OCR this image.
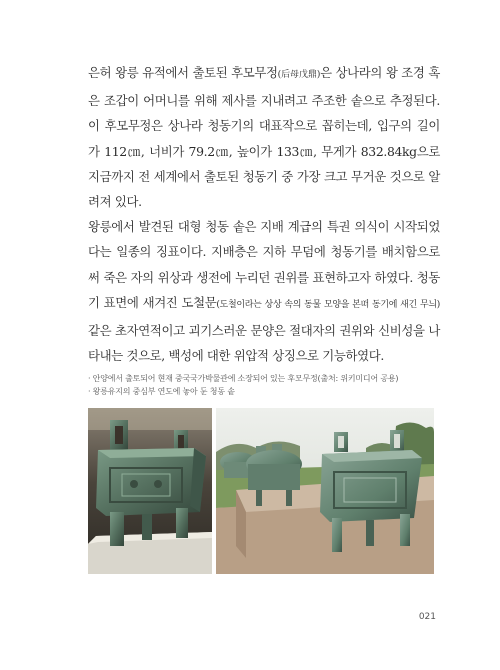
은허 왕릉 유적에서 출토된 후모무정(后母戊鼎)은 상나라의 왕 조경 혹은 조갑이 어머니를 위해 제사를 지내려고 주조한 솥으로 추정된다. 이 후모무정은 상나라 청동기의 대표작으로 꼽히는데, 입구의 길이가 112㎝, 너비가 79.2㎝, 높이가 133㎝, 무게가 832.84kg으로 지금까지 전 세계에서 출토된 청동기 중 가장 크고 무거운 것으로 알려져 있다.

왕릉에서 발견된 대형 청동 솥은 지배 계급의 특권 의식이 시작되었다는 일종의 징표이다. 지배층은 지하 무덤에 청동기를 배치함으로써 죽은 자의 위상과 생전에 누리던 권위를 표현하고자 하였다. 청동기 표면에 새겨진 도철문(도철이라는 상상 속의 동물 모양을 본떠 동기에 새긴 무늬) 같은 초자연적이고 괴기스러운 문양은 절대자의 권위와 신비성을 나타내는 것으로, 백성에 대한 위압적 상징으로 기능하였다.

· 안양에서 출토되어 현재 중국국가박물관에 소장되어 있는 후모무정(출처: 위키미디어 공용)
· 왕릉유지의 중심부 연도에 놓아 둔 청동 솥
021
